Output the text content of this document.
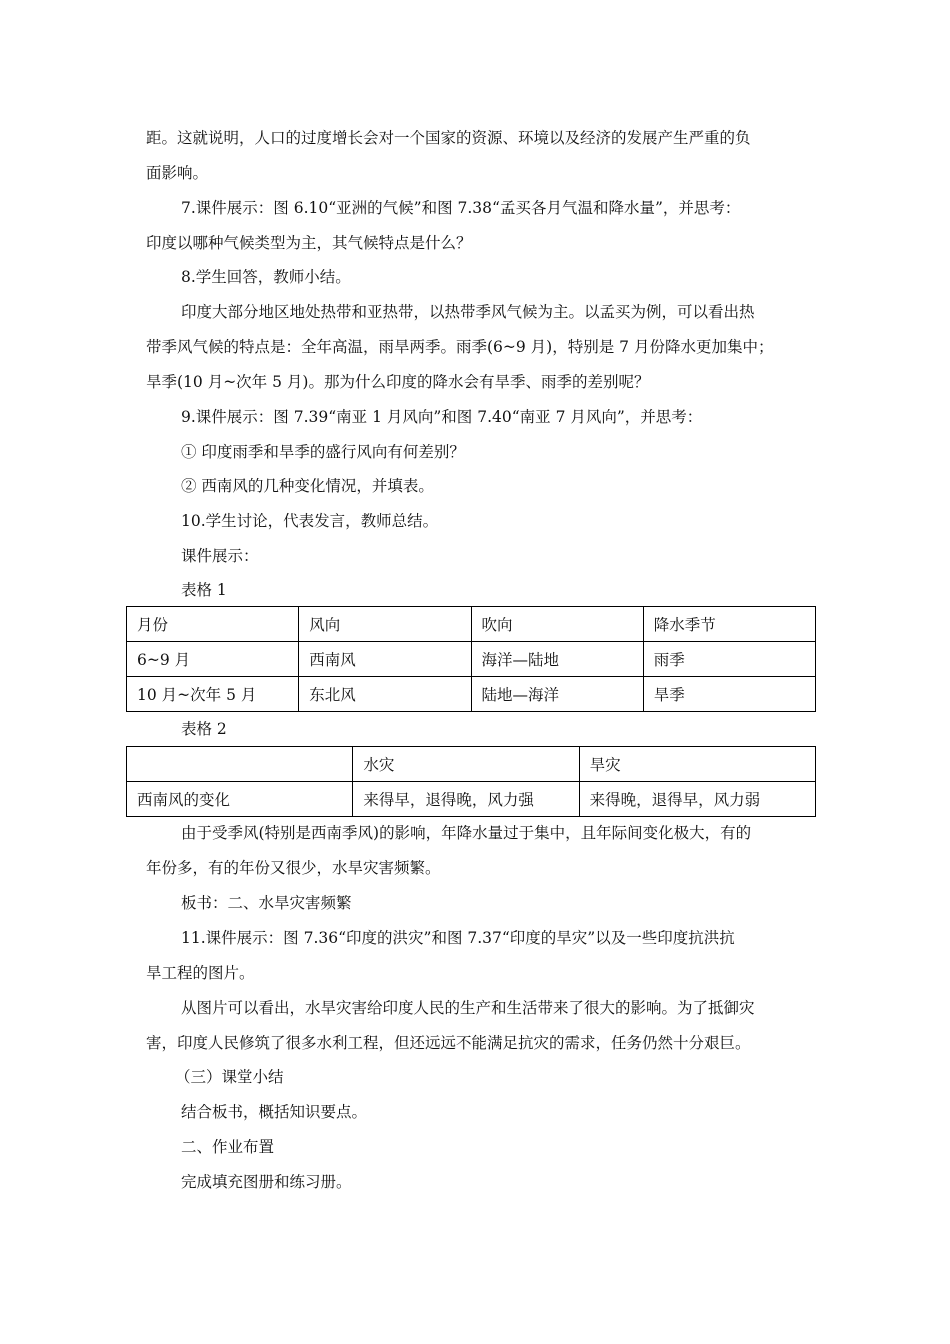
距。这就说明，人口的过度增长会对一个国家的资源、环境以及经济的发展产生严重的负
面影响。
7.课件展示：图 6.10“亚洲的气候”和图 7.38“孟买各月气温和降水量”，并思考：
印度以哪种气候类型为主，其气候特点是什么？
8.学生回答，教师小结。
印度大部分地区地处热带和亚热带，以热带季风气候为主。以孟买为例，可以看出热
带季风气候的特点是：全年高温，雨旱两季。雨季(6~9 月)，特别是 7 月份降水更加集中；
旱季(10 月~次年 5 月)。那为什么印度的降水会有旱季、雨季的差别呢？
9.课件展示：图 7.39“南亚 1 月风向”和图 7.40“南亚 7 月风向”，并思考：
① 印度雨季和旱季的盛行风向有何差别？
② 西南风的几种变化情况，并填表。
10.学生讨论，代表发言，教师总结。
课件展示：
表格 1
月份	风向	吹向	降水季节
6~9 月	西南风	海洋—陆地	雨季
10 月~次年 5 月	东北风	陆地—海洋	旱季
表格 2
	水灾	旱灾
西南风的变化	来得早，退得晚，风力强	来得晚，退得早，风力弱
由于受季风(特别是西南季风)的影响，年降水量过于集中，且年际间变化极大，有的
年份多，有的年份又很少，水旱灾害频繁。
板书：二、水旱灾害频繁
11.课件展示：图 7.36“印度的洪灾”和图 7.37“印度的旱灾”以及一些印度抗洪抗
旱工程的图片。
从图片可以看出，水旱灾害给印度人民的生产和生活带来了很大的影响。为了抵御灾
害，印度人民修筑了很多水利工程，但还远远不能满足抗灾的需求，任务仍然十分艰巨。
（三）课堂小结
结合板书，概括知识要点。
二、作业布置
完成填充图册和练习册。
